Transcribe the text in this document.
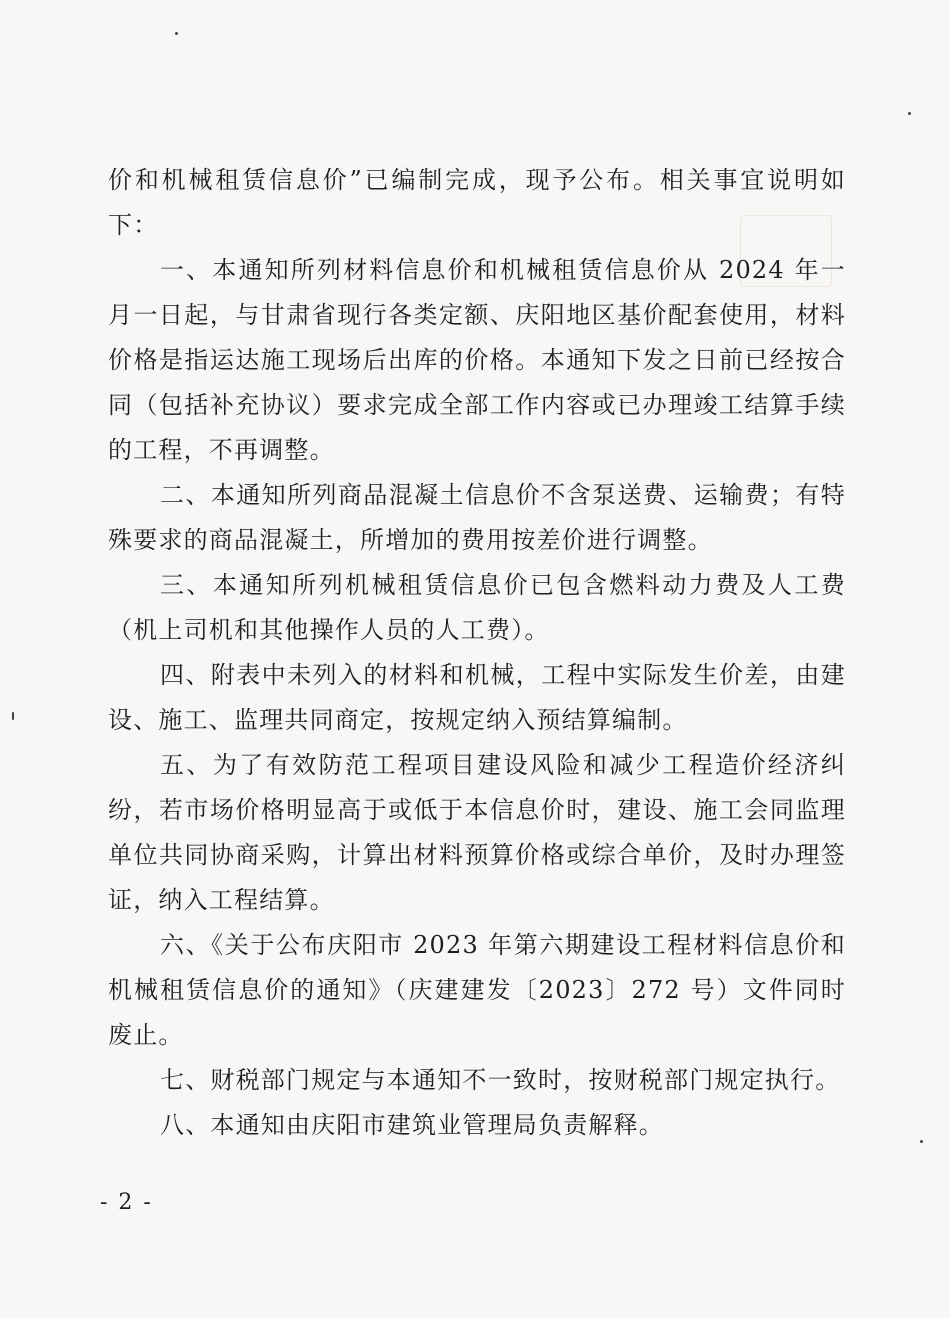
价和机械租赁信息价”已编制完成，现予公布。相关事宜说明如下：

一、本通知所列材料信息价和机械租赁信息价从 2024 年一月一日起，与甘肃省现行各类定额、庆阳地区基价配套使用，材料价格是指运达施工现场后出库的价格。本通知下发之日前已经按合同（包括补充协议）要求完成全部工作内容或已办理竣工结算手续的工程，不再调整。

二、本通知所列商品混凝土信息价不含泵送费、运输费；有特殊要求的商品混凝土，所增加的费用按差价进行调整。

三、本通知所列机械租赁信息价已包含燃料动力费及人工费（机上司机和其他操作人员的人工费）。

四、附表中未列入的材料和机械，工程中实际发生价差，由建设、施工、监理共同商定，按规定纳入预结算编制。

五、为了有效防范工程项目建设风险和减少工程造价经济纠纷，若市场价格明显高于或低于本信息价时，建设、施工会同监理单位共同协商采购，计算出材料预算价格或综合单价，及时办理签证，纳入工程结算。

六、《关于公布庆阳市 2023 年第六期建设工程材料信息价和机械租赁信息价的通知》（庆建建发〔2023〕272 号）文件同时废止。

七、财税部门规定与本通知不一致时，按财税部门规定执行。

八、本通知由庆阳市建筑业管理局负责解释。

- 2 -
